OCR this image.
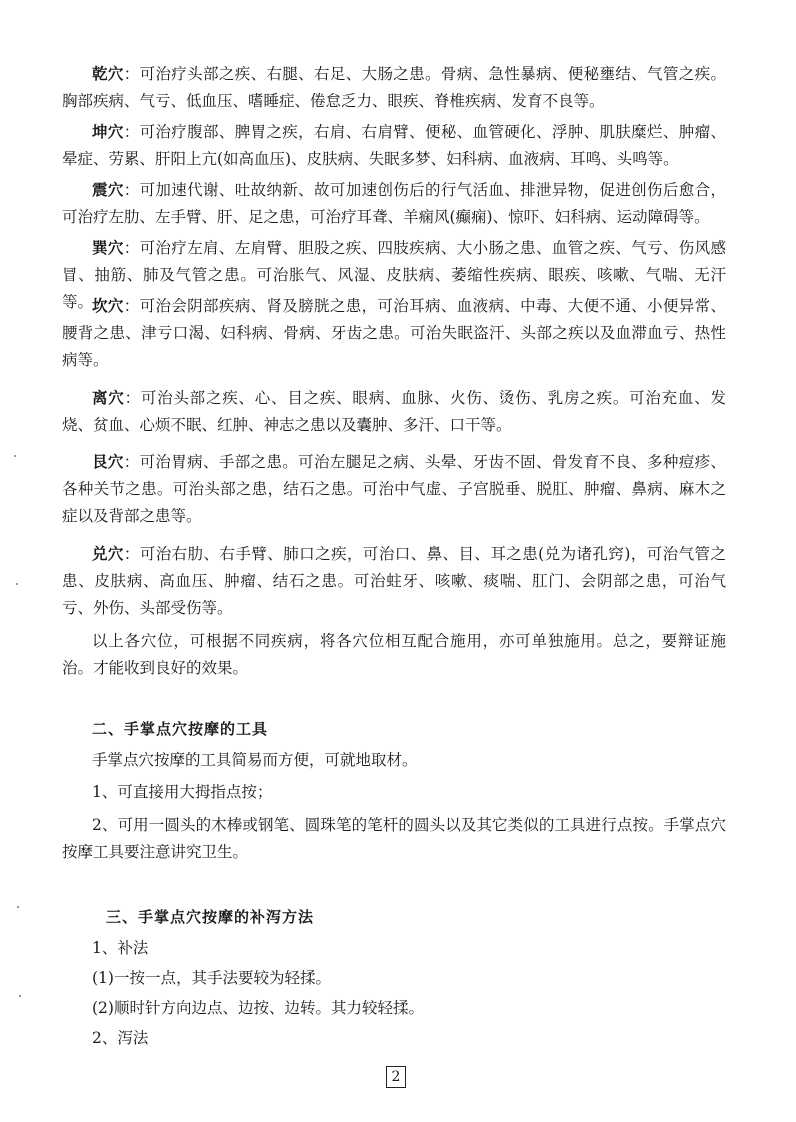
乾穴：可治疗头部之疾、右腿、右足、大肠之患。骨病、急性暴病、便秘壅结、气管之疾。胸部疾病、气亏、低血压、嗜睡症、倦怠乏力、眼疾、脊椎疾病、发育不良等。

坤穴：可治疗腹部、脾胃之疾，右肩、右肩臂、便秘、血管硬化、浮肿、肌肤糜烂、肿瘤、晕症、劳累、肝阳上亢(如高血压)、皮肤病、失眠多梦、妇科病、血液病、耳鸣、头鸣等。

震穴：可加速代谢、吐故纳新、故可加速创伤后的行气活血、排泄异物，促进创伤后愈合，可治疗左肋、左手臂、肝、足之患，可治疗耳聋、羊痫风(癫痫)、惊吓、妇科病、运动障碍等。

巽穴：可治疗左肩、左肩臂、胆股之疾、四肢疾病、大小肠之患、血管之疾、气亏、伤风感冒、抽筋、肺及气管之患。可治胀气、风湿、皮肤病、萎缩性疾病、眼疾、咳嗽、气喘、无汗等。

坎穴：可治会阴部疾病、肾及膀胱之患，可治耳病、血液病、中毒、大便不通、小便异常、腰背之患、津亏口渴、妇科病、骨病、牙齿之患。可治失眠盗汗、头部之疾以及血滞血亏、热性病等。

离穴：可治头部之疾、心、目之疾、眼病、血脉、火伤、烫伤、乳房之疾。可治充血、发烧、贫血、心烦不眠、红肿、神志之患以及囊肿、多汗、口干等。

艮穴：可治胃病、手部之患。可治左腿足之病、头晕、牙齿不固、骨发育不良、多种痘疹、各种关节之患。可治头部之患，结石之患。可治中气虚、子宫脱垂、脱肛、肿瘤、鼻病、麻木之症以及背部之患等。

兑穴：可治右肋、右手臂、肺口之疾，可治口、鼻、目、耳之患(兑为诸孔窍)，可治气管之患、皮肤病、高血压、肿瘤、结石之患。可治蛀牙、咳嗽、痰喘、肛门、会阴部之患，可治气亏、外伤、头部受伤等。

以上各穴位，可根据不同疾病，将各穴位相互配合施用，亦可单独施用。总之，要辩证施治。才能收到良好的效果。

二、手掌点穴按摩的工具

手掌点穴按摩的工具简易而方便，可就地取材。

1、可直接用大拇指点按；

2、可用一圆头的木棒或钢笔、圆珠笔的笔杆的圆头以及其它类似的工具进行点按。手掌点穴按摩工具要注意讲究卫生。

三、手掌点穴按摩的补泻方法

1、补法

(1)一按一点，其手法要较为轻揉。

(2)顺时针方向边点、边按、边转。其力较轻揉。

2、泻法

2
